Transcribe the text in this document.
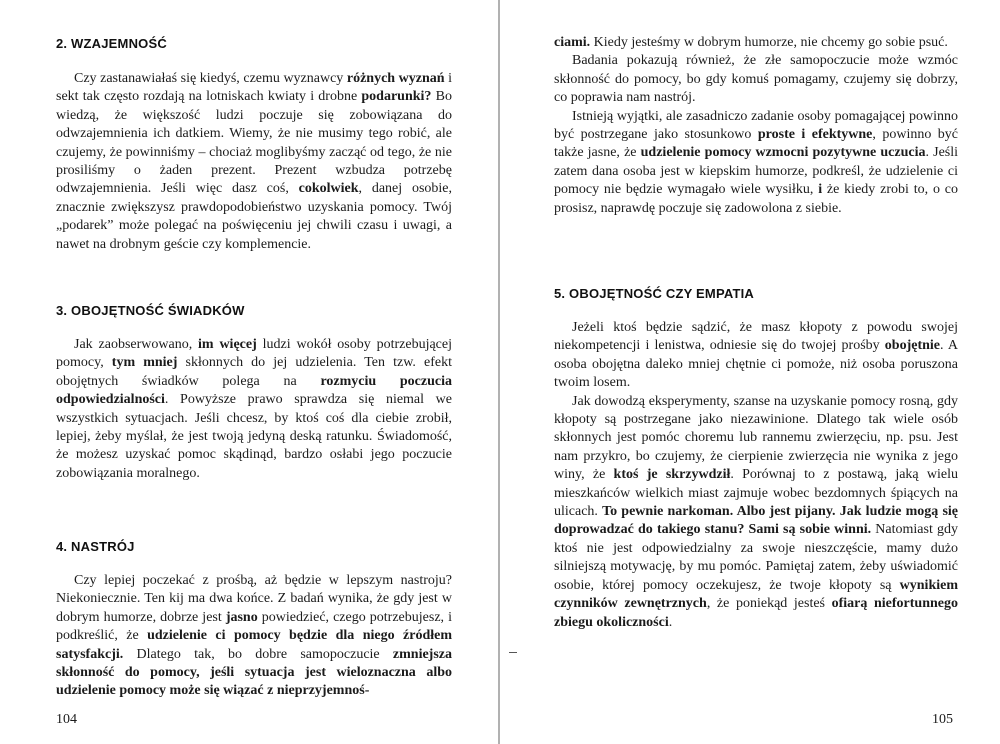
2. WZAJEMNOŚĆ

Czy zastanawiałaś się kiedyś, czemu wyznawcy różnych wyznań i sekt tak często rozdają na lotniskach kwiaty i drobne podarunki? Bo wiedzą, że większość ludzi poczuje się zobowiązana do odwzajemnienia ich datkiem. Wiemy, że nie musimy tego robić, ale czujemy, że powinniśmy – chociaż moglibyśmy zacząć od tego, że nie prosiliśmy o żaden prezent. Prezent wzbudza potrzebę odwzajemnienia. Jeśli więc dasz coś, cokolwiek, danej osobie, znacznie zwiększysz prawdopodobieństwo uzyskania pomocy. Twój „podarek” może polegać na poświęceniu jej chwili czasu i uwagi, a nawet na drobnym geście czy komplemencie.

3. OBOJĘTNOŚĆ ŚWIADKÓW

Jak zaobserwowano, im więcej ludzi wokół osoby potrzebującej pomocy, tym mniej skłonnych do jej udzielenia. Ten tzw. efekt obojętnych świadków polega na rozmyciu poczucia odpowiedzialności. Powyższe prawo sprawdza się niemal we wszystkich sytuacjach. Jeśli chcesz, by ktoś coś dla ciebie zrobił, lepiej, żeby myślał, że jest twoją jedyną deską ratunku. Świadomość, że możesz uzyskać pomoc skądinąd, bardzo osłabi jego poczucie zobowiązania moralnego.

4. NASTRÓJ

Czy lepiej poczekać z prośbą, aż będzie w lepszym nastroju? Niekoniecznie. Ten kij ma dwa końce. Z badań wynika, że gdy jest w dobrym humorze, dobrze jest jasno powiedzieć, czego potrzebujesz, i podkreślić, że udzielenie ci pomocy będzie dla niego źródłem satysfakcji. Dlatego tak, bo dobre samopoczucie zmniejsza skłonność do pomocy, jeśli sytuacja jest wieloznaczna albo udzielenie pomocy może się wiązać z nieprzyjemnoś-

104

ciami. Kiedy jesteśmy w dobrym humorze, nie chcemy go sobie psuć.

Badania pokazują również, że złe samopoczucie może wzmóc skłonność do pomocy, bo gdy komuś pomagamy, czujemy się dobrzy, co poprawia nam nastrój.

Istnieją wyjątki, ale zasadniczo zadanie osoby pomagającej powinno być postrzegane jako stosunkowo proste i efektywne, powinno być także jasne, że udzielenie pomocy wzmocni pozytywne uczucia. Jeśli zatem dana osoba jest w kiepskim humorze, podkreśl, że udzielenie ci pomocy nie będzie wymagało wiele wysiłku, i że kiedy zrobi to, o co prosisz, naprawdę poczuje się zadowolona z siebie.

5. OBOJĘTNOŚĆ CZY EMPATIA

Jeżeli ktoś będzie sądzić, że masz kłopoty z powodu swojej niekompetencji i lenistwa, odniesie się do twojej prośby obojętnie. A osoba obojętna daleko mniej chętnie ci pomoże, niż osoba poruszona twoim losem.

Jak dowodzą eksperymenty, szanse na uzyskanie pomocy rosną, gdy kłopoty są postrzegane jako niezawinione. Dlatego tak wiele osób skłonnych jest pomóc choremu lub rannemu zwierzęciu, np. psu. Jest nam przykro, bo czujemy, że cierpienie zwierzęcia nie wynika z jego winy, że ktoś je skrzywdził. Porównaj to z postawą, jaką wielu mieszkańców wielkich miast zajmuje wobec bezdomnych śpiących na ulicach. To pewnie narkoman. Albo jest pijany. Jak ludzie mogą się doprowadzać do takiego stanu? Sami są sobie winni. Natomiast gdy ktoś nie jest odpowiedzialny za swoje nieszczęście, mamy dużo silniejszą motywację, by mu pomóc. Pamiętaj zatem, żeby uświadomić osobie, której pomocy oczekujesz, że twoje kłopoty są wynikiem czynników zewnętrznych, że poniekąd jesteś ofiarą niefortunnego zbiegu okoliczności.

105
